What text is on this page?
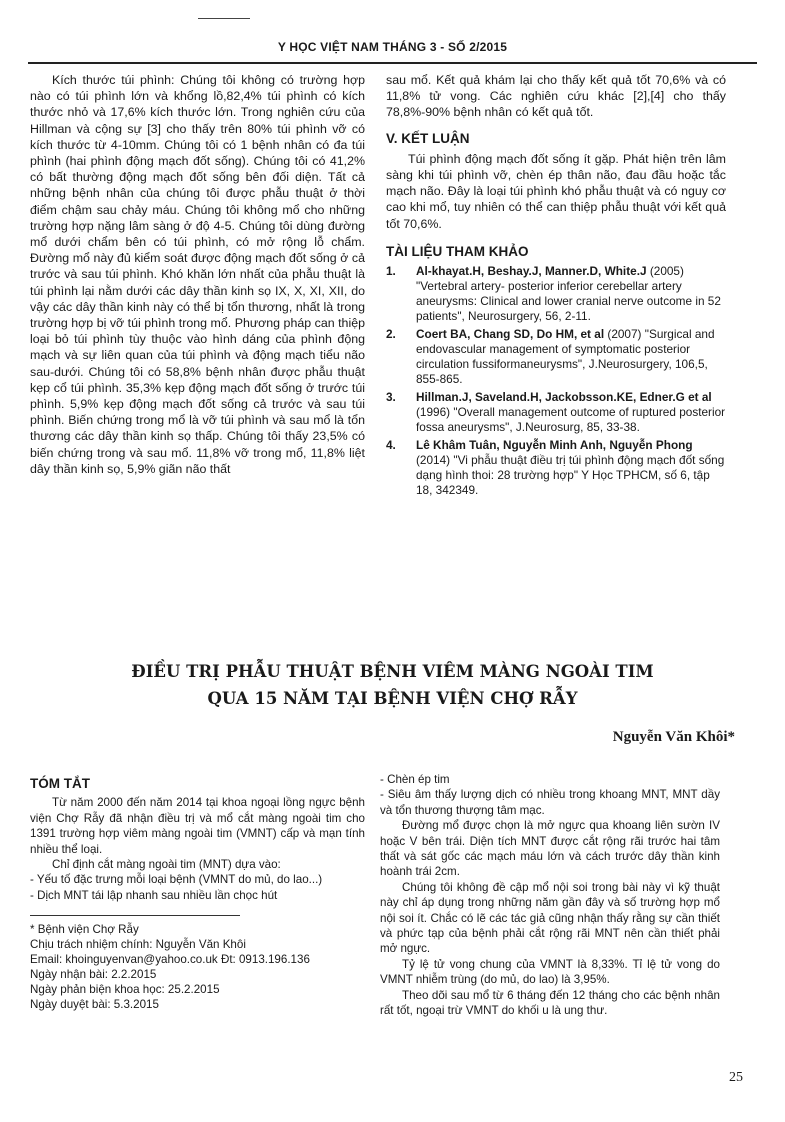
Y HỌC VIỆT NAM THÁNG 3 - SỐ 2/2015

Kích thước túi phình: Chúng tôi không có trường hợp nào có túi phình lớn và khổng lồ,82,4% túi phình có kích thước nhỏ và 17,6% kích thước lớn. Trong nghiên cứu của Hillman và cộng sự [3] cho thấy trên 80% túi phình vỡ có kích thước từ 4-10mm. Chúng tôi có 1 bệnh nhân có đa túi phình (hai phình động mạch đốt sống). Chúng tôi có 41,2% có bất thường động mạch đốt sống bên đối diện. Tất cả những bệnh nhân của chúng tôi được phẫu thuật ở thời điểm chậm sau chảy máu. Chúng tôi không mổ cho những trường hợp nặng lâm sàng ở độ 4-5. Chúng tôi dùng đường mổ dưới chẩm bên có túi phình, có mở rộng lỗ chẩm. Đường mổ này đủ kiểm soát được động mạch đốt sống ở cả trước và sau túi phình. Khó khăn lớn nhất của phẫu thuật là túi phình lại nằm dưới các dây thần kinh sọ IX, X, XI, XII, do vậy các dây thần kinh này có thể bị tổn thương, nhất là trong trường hợp bị vỡ túi phình trong mổ. Phương pháp can thiệp loại bỏ túi phình tùy thuộc vào hình dáng của phình động mạch và sự liên quan của túi phình và động mạch tiểu não sau-dưới. Chúng tôi có 58,8% bệnh nhân được phẫu thuật kẹp cổ túi phình. 35,3% kẹp động mạch đốt sống ở trước túi phình. 5,9% kẹp động mạch đốt sống cả trước và sau túi phình. Biến chứng trong mổ là vỡ túi phình và sau mổ là tổn thương các dây thần kinh sọ thấp. Chúng tôi thấy 23,5% có biến chứng trong và sau mổ. 11,8% vỡ trong mổ, 11,8% liệt dây thần kinh sọ, 5,9% giãn não thất

sau mổ. Kết quả khám lại cho thấy kết quả tốt 70,6% và có 11,8% tử vong. Các nghiên cứu khác [2],[4] cho thấy 78,8%-90% bệnh nhân có kết quả tốt.

V. KẾT LUẬN

Túi phình động mạch đốt sống ít gặp. Phát hiện trên lâm sàng khi túi phình vỡ, chèn ép thân não, đau đầu hoặc tắc mạch não. Đây là loại túi phình khó phẫu thuật và có nguy cơ cao khi mổ, tuy nhiên có thể can thiệp phẫu thuật với kết quả tốt 70,6%.

TÀI LIỆU THAM KHẢO
1. Al-khayat.H, Beshay.J, Manner.D, White.J (2005) "Vertebral artery- posterior inferior cerebellar artery aneurysms: Clinical and lower cranial nerve outcome in 52 patients", Neurosurgery, 56, 2-11.
2. Coert BA, Chang SD, Do HM, et al (2007) "Surgical and endovascular management of symptomatic posterior circulation fussiformaneurysms", J.Neurosurgery, 106,5, 855-865.
3. Hillman.J, Saveland.H, Jackobsson.KE, Edner.G et al (1996) "Overall management outcome of ruptured posterior fossa aneurysms", J.Neurosurg, 85, 33-38.
4. Lê Khâm Tuân, Nguyễn Minh Anh, Nguyễn Phong (2014) "Vi phẫu thuật điều trị túi phình động mạch đốt sống dạng hình thoi: 28 trường hợp" Y Học TPHCM, số 6, tập 18, 342349.
ĐIỀU TRỊ PHẪU THUẬT BỆNH VIÊM MÀNG NGOÀI TIM
QUA 15 NĂM TẠI BỆNH VIỆN CHỢ RẪY
Nguyễn Văn Khôi*
TÓM TẮT

Từ năm 2000 đến năm 2014 tại khoa ngoại lồng ngực bệnh viện Chợ Rẫy đã nhận điều trị và mổ cắt màng ngoài tim cho 1391 trường hợp viêm màng ngoài tim (VMNT) cấp và mạn tính nhiều thể loại.

Chỉ định cắt màng ngoài tim (MNT) dựa vào:

- Yếu tố đặc trưng mỗi loại bệnh (VMNT do mủ, do lao...)

- Dịch MNT tái lập nhanh sau nhiều lần chọc hút

* Bệnh viện Chợ Rẫy
Chịu trách nhiệm chính: Nguyễn Văn Khôi
Email: khoinguyenvan@yahoo.co.uk Đt: 0913.196.136
Ngày nhận bài: 2.2.2015
Ngày phản biện khoa học: 25.2.2015
Ngày duyệt bài: 5.3.2015

- Chèn ép tim

- Siêu âm thấy lượng dịch có nhiều trong khoang MNT, MNT dầy và tổn thương thượng tâm mạc.

Đường mổ được chọn là mở ngực qua khoang liên sườn IV hoặc V bên trái. Diện tích MNT được cắt rộng rãi trước hai tâm thất và sát gốc các mạch máu lớn và cách trước dây thần kinh hoành trái 2cm.

Chúng tôi không đề cập mổ nội soi trong bài này vì kỹ thuật này chỉ áp dụng trong những năm gần đây và số trường hợp mổ nội soi ít. Chắc có lẽ các tác giả cũng nhận thấy rằng sự cần thiết và phức tạp của bệnh phải cắt rộng rãi MNT nên cần thiết phải mở ngực.

Tỷ lệ tử vong chung của VMNT là 8,33%. Tỉ lệ tử vong do VMNT nhiễm trùng (do mủ, do lao) là 3,95%.

Theo dõi sau mổ từ 6 tháng đến 12 tháng cho các bệnh nhân rất tốt, ngoại trừ VMNT do khối u là ung thư.

25
